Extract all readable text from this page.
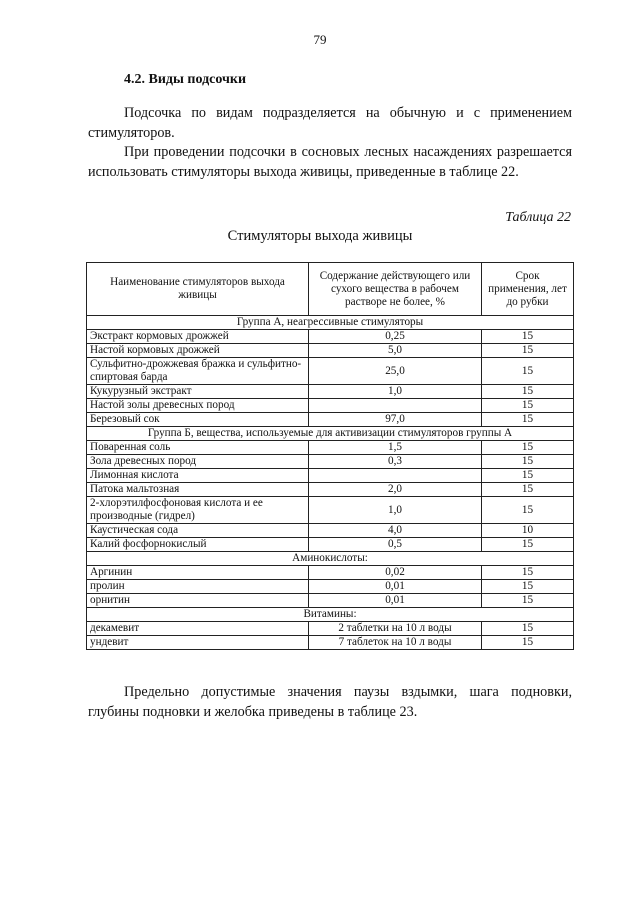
79
4.2. Виды подсочки

Подсочка по видам подразделяется на обычную и с применением стимуляторов.

При проведении подсочки в сосновых лесных насаждениях разрешается использовать стимуляторы выхода живицы, приведенные в таблице 22.

Таблица 22
Стимуляторы выхода живицы
Наименование стимуляторов выхода живицы	Содержание действующего или сухого вещества в рабочем растворе не более, %	Срок применения, лет до рубки
Группа А, неагрессивные стимуляторы		
Экстракт кормовых дрожжей	0,25	15
Настой кормовых дрожжей	5,0	15
Сульфитно-дрожжевая бражка и сульфитно-спиртовая барда	25,0	15
Кукурузный экстракт	1,0	15
Настой золы древесных пород		15
Березовый сок	97,0	15
Группа Б, вещества, используемые для активизации стимуляторов группы А		
Поваренная соль	1,5	15
Зола древесных пород	0,3	15
Лимонная кислота		15
Патока мальтозная	2,0	15
2-хлорэтилфосфоновая кислота и ее производные (гидрел)	1,0	15
Каустическая сода	4,0	10
Калий фосфорнокислый	0,5	15
Аминокислоты:		
Аргинин	0,02	15
пролин	0,01	15
орнитин	0,01	15
Витамины:		
декамевит	2 таблетки на 10 л воды	15
ундевит	7 таблеток на 10 л воды	15

Предельно допустимые значения паузы вздымки, шага подновки, глубины подновки и желобка приведены в таблице 23.
